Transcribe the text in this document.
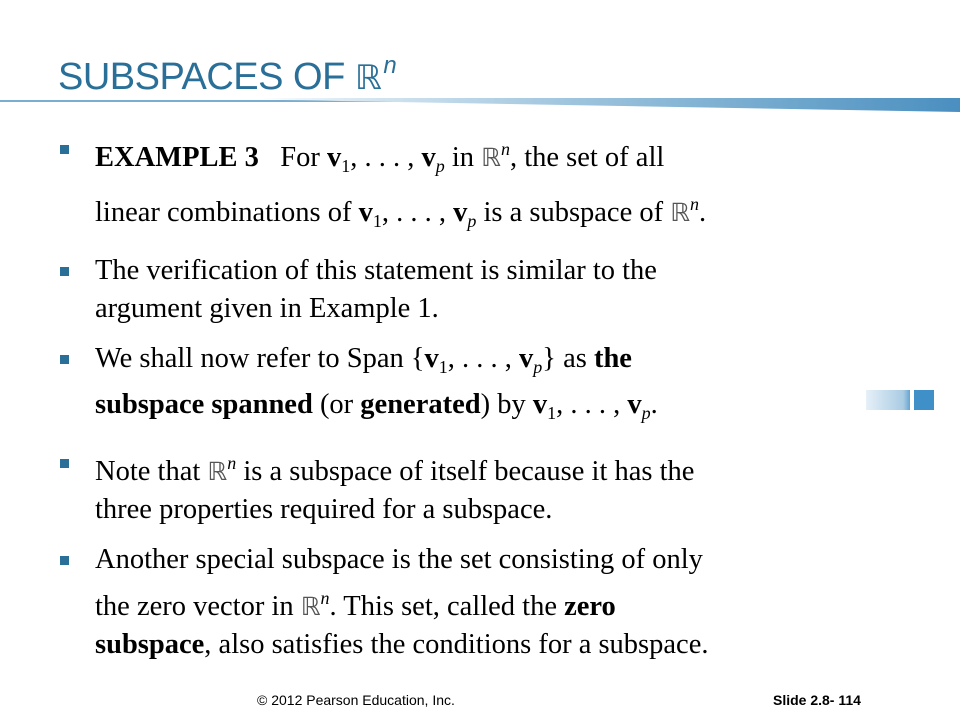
SUBSPACES OF ℝ$^n$
EXAMPLE 3 For $v_1$, . . . , $v_p$ in ℝ$^n$, the set of all
linear combinations of $v_1$, . . . , $v_p$ is a subspace of ℝ$^n$.
The verification of this statement is similar to the
argument given in Example 1.
We shall now refer to Span {$v_1$, . . . , $v_p$} as the
subspace spanned (or generated) by $v_1$, . . . , $v_p$.
Note that ℝ$^n$ is a subspace of itself because it has the
three properties required for a subspace.
Another special subspace is the set consisting of only
the zero vector in ℝ$^n$. This set, called the zero
subspace, also satisfies the conditions for a subspace.
© 2012 Pearson Education, Inc.	Slide 2.8- 114
